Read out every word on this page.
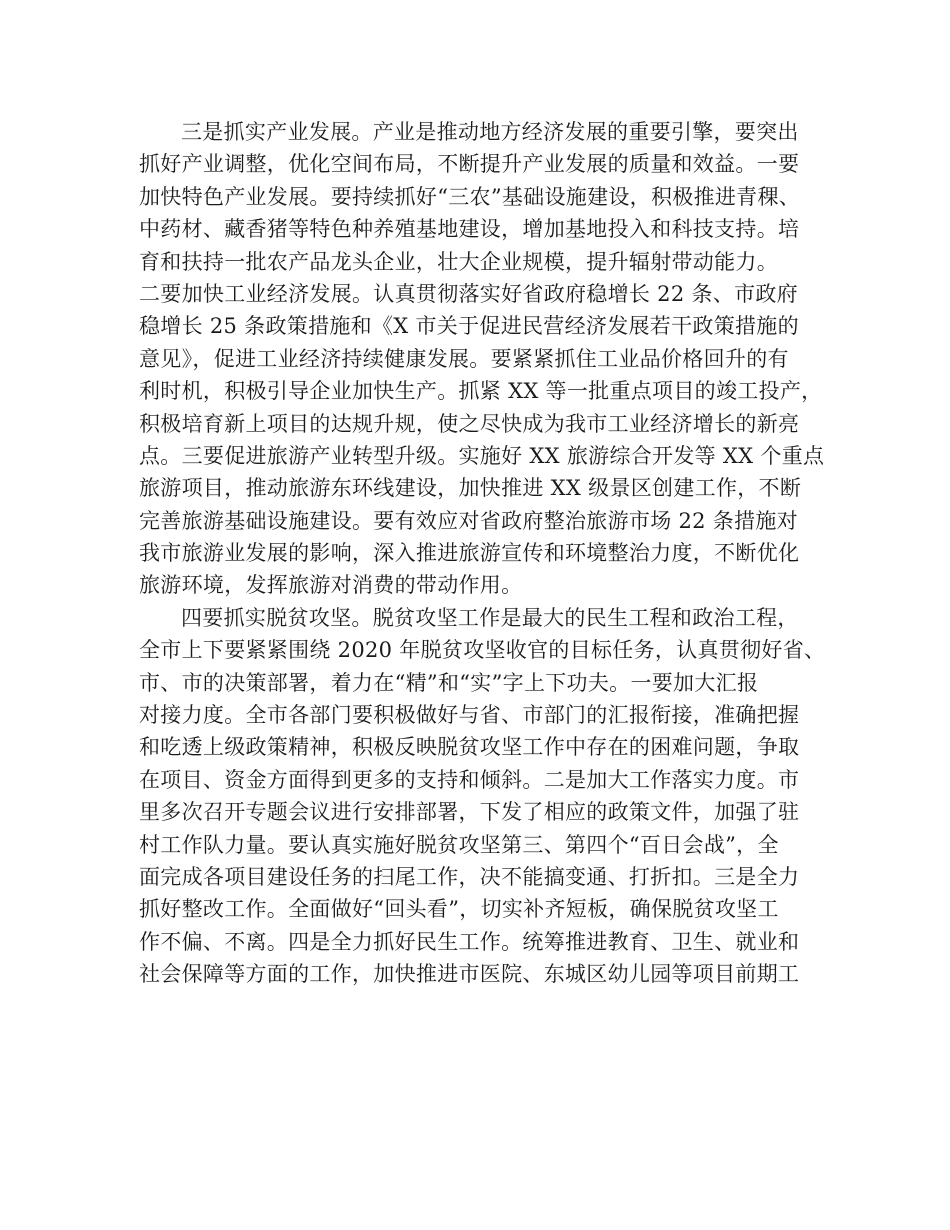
三是抓实产业发展。产业是推动地方经济发展的重要引擎，要突出
抓好产业调整，优化空间布局，不断提升产业发展的质量和效益。一要
加快特色产业发展。要持续抓好“三农”基础设施建设，积极推进青稞、
中药材、藏香猪等特色种养殖基地建设，增加基地投入和科技支持。培
育和扶持一批农产品龙头企业，壮大企业规模，提升辐射带动能力。
二要加快工业经济发展。认真贯彻落实好省政府稳增长 22 条、市政府
稳增长 25 条政策措施和《X 市关于促进民营经济发展若干政策措施的
意见》，促进工业经济持续健康发展。要紧紧抓住工业品价格回升的有
利时机，积极引导企业加快生产。抓紧 XX 等一批重点项目的竣工投产，
积极培育新上项目的达规升规，使之尽快成为我市工业经济增长的新亮
点。三要促进旅游产业转型升级。实施好 XX 旅游综合开发等 XX 个重点
旅游项目，推动旅游东环线建设，加快推进 XX 级景区创建工作，不断
完善旅游基础设施建设。要有效应对省政府整治旅游市场 22 条措施对
我市旅游业发展的影响，深入推进旅游宣传和环境整治力度，不断优化
旅游环境，发挥旅游对消费的带动作用。
四要抓实脱贫攻坚。脱贫攻坚工作是最大的民生工程和政治工程，
全市上下要紧紧围绕 2020 年脱贫攻坚收官的目标任务，认真贯彻好省、
市、市的决策部署，着力在“精”和“实”字上下功夫。一要加大汇报
对接力度。全市各部门要积极做好与省、市部门的汇报衔接，准确把握
和吃透上级政策精神，积极反映脱贫攻坚工作中存在的困难问题，争取
在项目、资金方面得到更多的支持和倾斜。二是加大工作落实力度。市
里多次召开专题会议进行安排部署，下发了相应的政策文件，加强了驻
村工作队力量。要认真实施好脱贫攻坚第三、第四个“百日会战”，全
面完成各项目建设任务的扫尾工作，决不能搞变通、打折扣。三是全力
抓好整改工作。全面做好“回头看”，切实补齐短板，确保脱贫攻坚工
作不偏、不离。四是全力抓好民生工作。统筹推进教育、卫生、就业和
社会保障等方面的工作，加快推进市医院、东城区幼儿园等项目前期工
